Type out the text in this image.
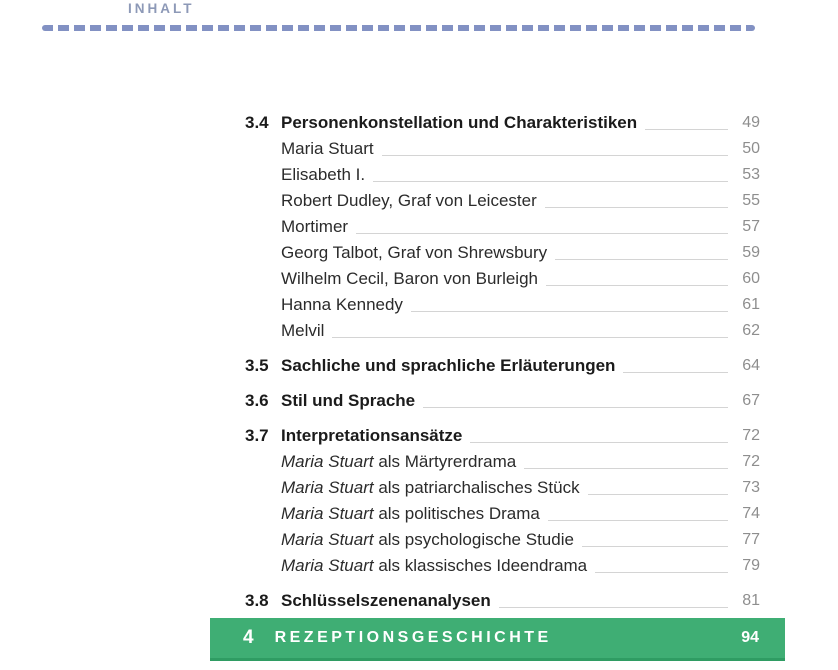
INHALT
3.4 Personenkonstellation und Charakteristiken	49
Maria Stuart	50
Elisabeth I.	53
Robert Dudley, Graf von Leicester	55
Mortimer	57
Georg Talbot, Graf von Shrewsbury	59
Wilhelm Cecil, Baron von Burleigh	60
Hanna Kennedy	61
Melvil	62
3.5 Sachliche und sprachliche Erläuterungen	64
3.6 Stil und Sprache	67
3.7 Interpretationsansätze	72
Maria Stuart als Märtyrerdrama	72
Maria Stuart als patriarchalisches Stück	73
Maria Stuart als politisches Drama	74
Maria Stuart als psychologische Studie	77
Maria Stuart als klassisches Ideendrama	79
3.8 Schlüsselszenenanalysen	81
4 REZEPTIONSGESCHICHTE	94
